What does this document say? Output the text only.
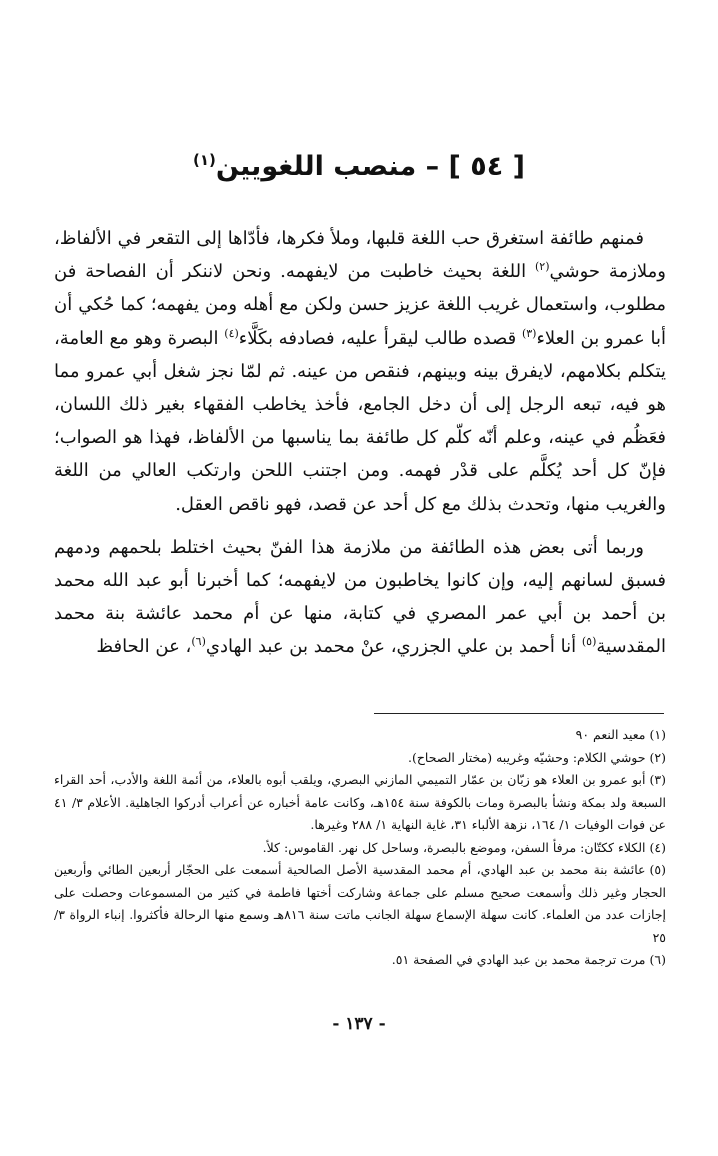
[ ٥٤ ] – منصب اللغويين$^{(١)}$

فمنهم طائفة استغرق حب اللغة قلبها، وملأ فكرها، فأدّاها إلى التقعر في الألفاظ، وملازمة حوشي$^{(٢)}$ اللغة بحيث خاطبت من لايفهمه. ونحن لاننكر أن الفصاحة فن مطلوب، واستعمال غريب اللغة عزيز حسن ولكن مع أهله ومن يفهمه؛ كما حُكي أن أبا عمرو بن العلاء$^{(٣)}$ قصده طالب ليقرأ عليه، فصادفه بكَلَّاء$^{(٤)}$ البصرة وهو مع العامة، يتكلم بكلامهم، لايفرق بينه وبينهم، فنقص من عينه. ثم لمّا نجز شغل أبي عمرو مما هو فيه، تبعه الرجل إلى أن دخل الجامع، فأخذ يخاطب الفقهاء بغير ذلك اللسان، فعَظُم في عينه، وعلم أنّه كلّم كل طائفة بما يناسبها من الألفاظ، فهذا هو الصواب؛ فإنّ كل أحد يُكلَّم على قدْر فهمه. ومن اجتنب اللحن وارتكب العالي من اللغة والغريب منها، وتحدث بذلك مع كل أحد عن قصد، فهو ناقص العقل.

وربما أتى بعض هذه الطائفة من ملازمة هذا الفنّ بحيث اختلط بلحمهم ودمهم فسبق لسانهم إليه، وإن كانوا يخاطبون من لايفهمه؛ كما أخبرنا أبو عبد الله محمد بن أحمد بن أبي عمر المصري في كتابة، منها عن أم محمد عائشة بنة محمد المقدسية$^{(٥)}$ أنا أحمد بن علي الجزري، عنْ محمد بن عبد الهادي$^{(٦)}$، عن الحافظ

(١)معيد النعم ٩٠

(٢)حوشي الكلام: وحشيّه وغريبه (مختار الصحاح).

(٣)أبو عمرو بن العلاء هو زبّان بن عمّار التميمي المازني البصري، ويلقب أبوه بالعلاء، من أئمة اللغة والأدب، أحد القراء السبعة ولد بمكة ونشأ بالبصرة ومات بالكوفة سنة ١٥٤هـ، وكانت عامة أخباره عن أعراب أدركوا الجاهلية. الأعلام ٣/ ٤١ عن فوات الوفيات ١/ ١٦٤، نزهة الألباء ٣١، غاية النهاية ١/ ٢٨٨ وغيرها.

(٤)الكلاء ككتّان: مرفأ السفن، وموضع بالبصرة، وساحل كل نهر. القاموس: كلأ.

(٥)عائشة بنة محمد بن عبد الهادي، أم محمد المقدسية الأصل الصالحية أسمعت على الحجّار أربعين الطائي وأربعين الحجار وغير ذلك وأسمعت صحيح مسلم على جماعة وشاركت أختها فاطمة في كثير من المسموعات وحصلت على إجازات عدد من العلماء. كانت سهلة الإسماع سهلة الجانب ماتت سنة ٨١٦هـ وسمع منها الرحالة فأكثروا. إنباء الرواة ٣/ ٢٥

(٦)مرت ترجمة محمد بن عبد الهادي في الصفحة ٥١.

- ١٣٧ -
